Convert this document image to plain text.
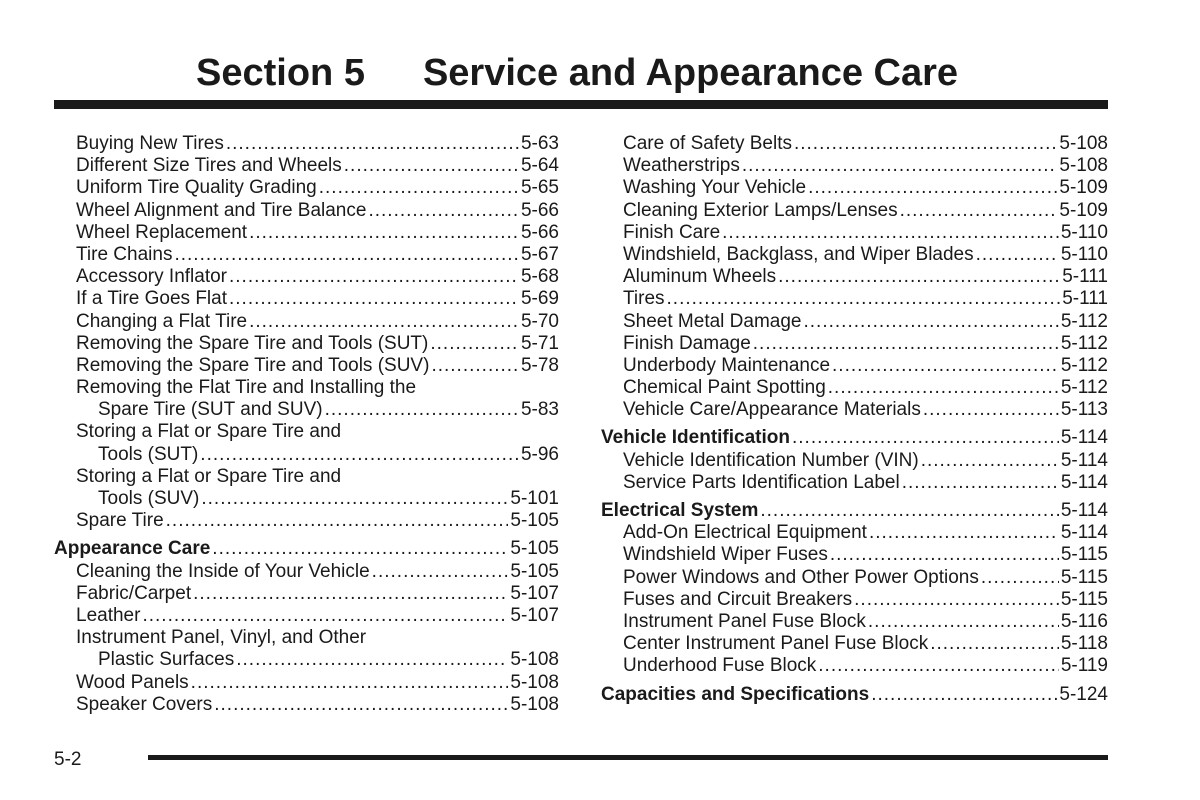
Section 5 Service and Appearance Care
Buying New Tires .....	5-63
Different Size Tires and Wheels .....	5-64
Uniform Tire Quality Grading .....	5-65
Wheel Alignment and Tire Balance .....	5-66
Wheel Replacement .....	5-66
Tire Chains .....	5-67
Accessory Inflator .....	5-68
If a Tire Goes Flat .....	5-69
Changing a Flat Tire .....	5-70
Removing the Spare Tire and Tools (SUT) .....	5-71
Removing the Spare Tire and Tools (SUV) .....	5-78
Removing the Flat Tire and Installing the
Spare Tire (SUT and SUV) .....	5-83
Storing a Flat or Spare Tire and
Tools (SUT) .....	5-96
Storing a Flat or Spare Tire and
Tools (SUV) .....	5-101
Spare Tire .....	5-105
Appearance Care .....	5-105
Cleaning the Inside of Your Vehicle .....	5-105
Fabric/Carpet .....	5-107
Leather .....	5-107
Instrument Panel, Vinyl, and Other
Plastic Surfaces .....	5-108
Wood Panels .....	5-108
Speaker Covers .....	5-108
Care of Safety Belts .....	5-108
Weatherstrips .....	5-108
Washing Your Vehicle .....	5-109
Cleaning Exterior Lamps/Lenses .....	5-109
Finish Care .....	5-110
Windshield, Backglass, and Wiper Blades .....	5-110
Aluminum Wheels .....	5-111
Tires .....	5-111
Sheet Metal Damage .....	5-112
Finish Damage .....	5-112
Underbody Maintenance .....	5-112
Chemical Paint Spotting .....	5-112
Vehicle Care/Appearance Materials .....	5-113
Vehicle Identification .....	5-114
Vehicle Identification Number (VIN) .....	5-114
Service Parts Identification Label .....	5-114
Electrical System .....	5-114
Add-On Electrical Equipment .....	5-114
Windshield Wiper Fuses .....	5-115
Power Windows and Other Power Options .....	5-115
Fuses and Circuit Breakers .....	5-115
Instrument Panel Fuse Block .....	5-116
Center Instrument Panel Fuse Block .....	5-118
Underhood Fuse Block .....	5-119
Capacities and Specifications .....	5-124
5-2
